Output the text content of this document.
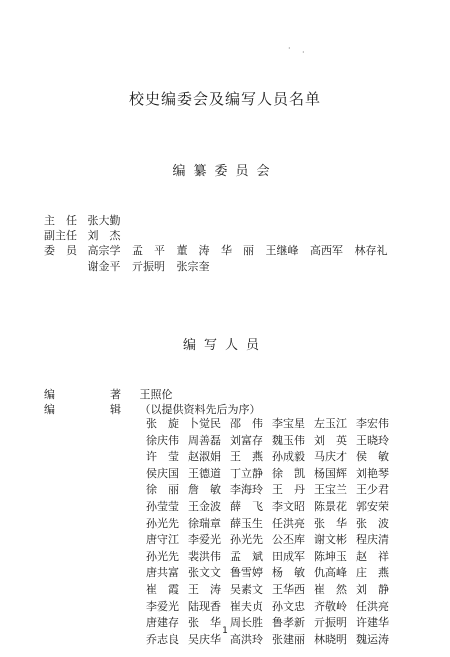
· ·
校史编委会及编写人员名单
编纂委员会
主　任 张大勤
副主任 刘　杰
委　员 高宗学 孟　平 董　涛 华　丽 王继峰 高西军 林存礼
谢金平 亓振明 张宗奎
编写人员
编　　　　　著 王照伦
编　　　　　辑 （以提供资料先后为序）
张　旋 卜觉民 邵　伟 李宝星 左玉江 李宏伟
徐庆伟 周善磊 刘富存 魏玉伟 刘　英 王晓玲
许　莹 赵淑娟 王　燕 孙成毅 马庆才 侯　敏
侯庆国 王德道 丁立静 徐　凯 杨国辉 刘艳琴
徐　丽 詹　敏 李海玲 王　丹 王宝兰 王少君
孙莹莹 王金波 薛　飞 李文昭 陈景花 郭安荣
孙光先 徐瑞章 薛玉生 任洪亮 张　华 张　波
唐守江 李爱光 孙光先 公丕库 谢文彬 程庆清
孙光先 裴洪伟 孟　斌 田成军 陈坤玉 赵　祥
唐共富 张文文 鲁雪婷 杨　敏 仇高峰 庄　燕
崔　霞 王　涛 吴素文 王华西 崔　然 刘　静
李爱光 陆现香 崔夫贞 孙文忠 齐敬岭 任洪亮
唐建存 张　华 周长胜 鲁孝新 亓振明 许建华
乔志良 吴庆华 高洪玲 张建丽 林晓明 魏运涛
1
